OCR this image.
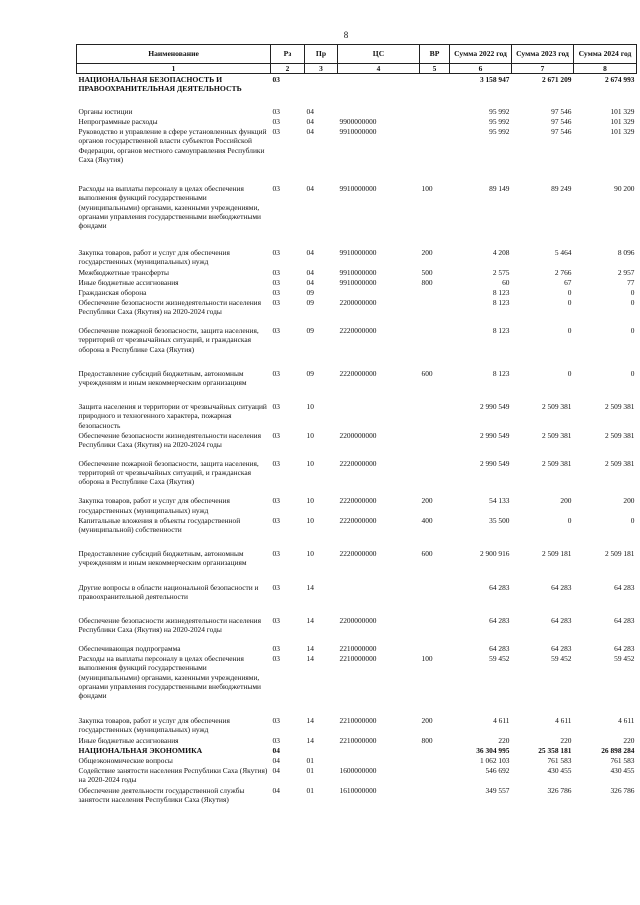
8
Наименование	Рз	Пр	ЦС	ВР	Сумма 2022 год	Сумма 2023 год	Сумма 2024 год
1	2	3	4	5	6	7	8
НАЦИОНАЛЬНАЯ БЕЗОПАСНОСТЬ И ПРАВООХРАНИТЕЛЬНАЯ ДЕЯТЕЛЬНОСТЬ	03				3 158 947	2 671 209	2 674 993

Органы юстиции	03	04			95 992	97 546	101 329
Непрограммные расходы	03	04	9900000000		95 992	97 546	101 329
Руководство и управление в сфере установленных функций органов государственной власти субъектов Российской Федерации, органов местного самоуправления Республики Саха (Якутия)	03	04	9910000000		95 992	97 546	101 329

Расходы на выплаты персоналу в целах обеспечения выполнения функций государственными (муниципальными) органами, казенными учреждениями, органами управления государственными внебюджетными фондами	03	04	9910000000	100	89 149	89 249	90 200

Закупка товаров, работ и услуг для обеспечения государственных (муниципальных) нужд	03	04	9910000000	200	4 208	5 464	8 096
Межбюджетные трансферты	03	04	9910000000	500	2 575	2 766	2 957
Иные бюджетные ассигнования	03	04	9910000000	800	60	67	77
Гражданская оборона	03	09			8 123	0	0
Обеспечение безопасности жизнедеятельности населения Республики Саха (Якутия) на 2020-2024 годы	03	09	2200000000		8 123	0	0
Обеспечение пожарной безопасности, защита населения, территорий от чрезвычайных ситуаций, и гражданская оборона в Республике Саха (Якутия)	03	09	2220000000		8 123	0	0

Предоставление субсидий бюджетным, автономным учреждениям и иным некоммерческим организациям	03	09	2220000000	600	8 123	0	0

Защита населения и территории от чрезвычайных ситуаций природного и техногенного характера, пожарная безопасность	03	10			2 990 549	2 509 381	2 509 381
Обеспечение безопасности жизнедеятельности населения Республики Саха (Якутия) на 2020-2024 годы	03	10	2200000000		2 990 549	2 509 381	2 509 381
Обеспечение пожарной безопасности, защита населения, территорий от чрезвычайных ситуаций, и гражданская оборона в Республике Саха (Якутия)	03	10	2220000000		2 990 549	2 509 381	2 509 381

Закупка товаров, работ и услуг для обеспечения государственных (муниципальных) нужд	03	10	2220000000	200	54 133	200	200
Капитальные вложения в объекты государственной (муниципальной) собственности	03	10	2220000000	400	35 500	0	0

Предоставление субсидий бюджетным, автономным учреждениям и иным некоммерческим организациям	03	10	2220000000	600	2 900 916	2 509 181	2 509 181

Другие вопросы в области национальной безопасности и правоохранительной деятельности	03	14			64 283	64 283	64 283

Обеспечение безопасности жизнедеятельности населения Республики Саха (Якутия) на 2020-2024 годы	03	14	2200000000		64 283	64 283	64 283
Обеспечивающая подпрограмма	03	14	2210000000		64 283	64 283	64 283
Расходы на выплаты персоналу в целах обеспечения выполнения функций государственными (муниципальными) органами, казенными учреждениями, органами управления государственными внебюджетными фондами	03	14	2210000000	100	59 452	59 452	59 452

Закупка товаров, работ и услуг для обеспечения государственных (муниципальных) нужд	03	14	2210000000	200	4 611	4 611	4 611
Иные бюджетные ассигнования	03	14	2210000000	800	220	220	220
НАЦИОНАЛЬНАЯ ЭКОНОМИКА	04				36 304 995	25 358 181	26 898 284
Общеэкономические вопросы	04	01			1 062 103	761 583	761 583
Содействие занятости населения Республики Саха (Якутия) на 2020-2024 годы	04	01	1600000000		546 692	430 455	430 455
Обеспечение деятельности государственной службы занятости населения Республики Саха (Якутия)	04	01	1610000000		349 557	326 786	326 786
